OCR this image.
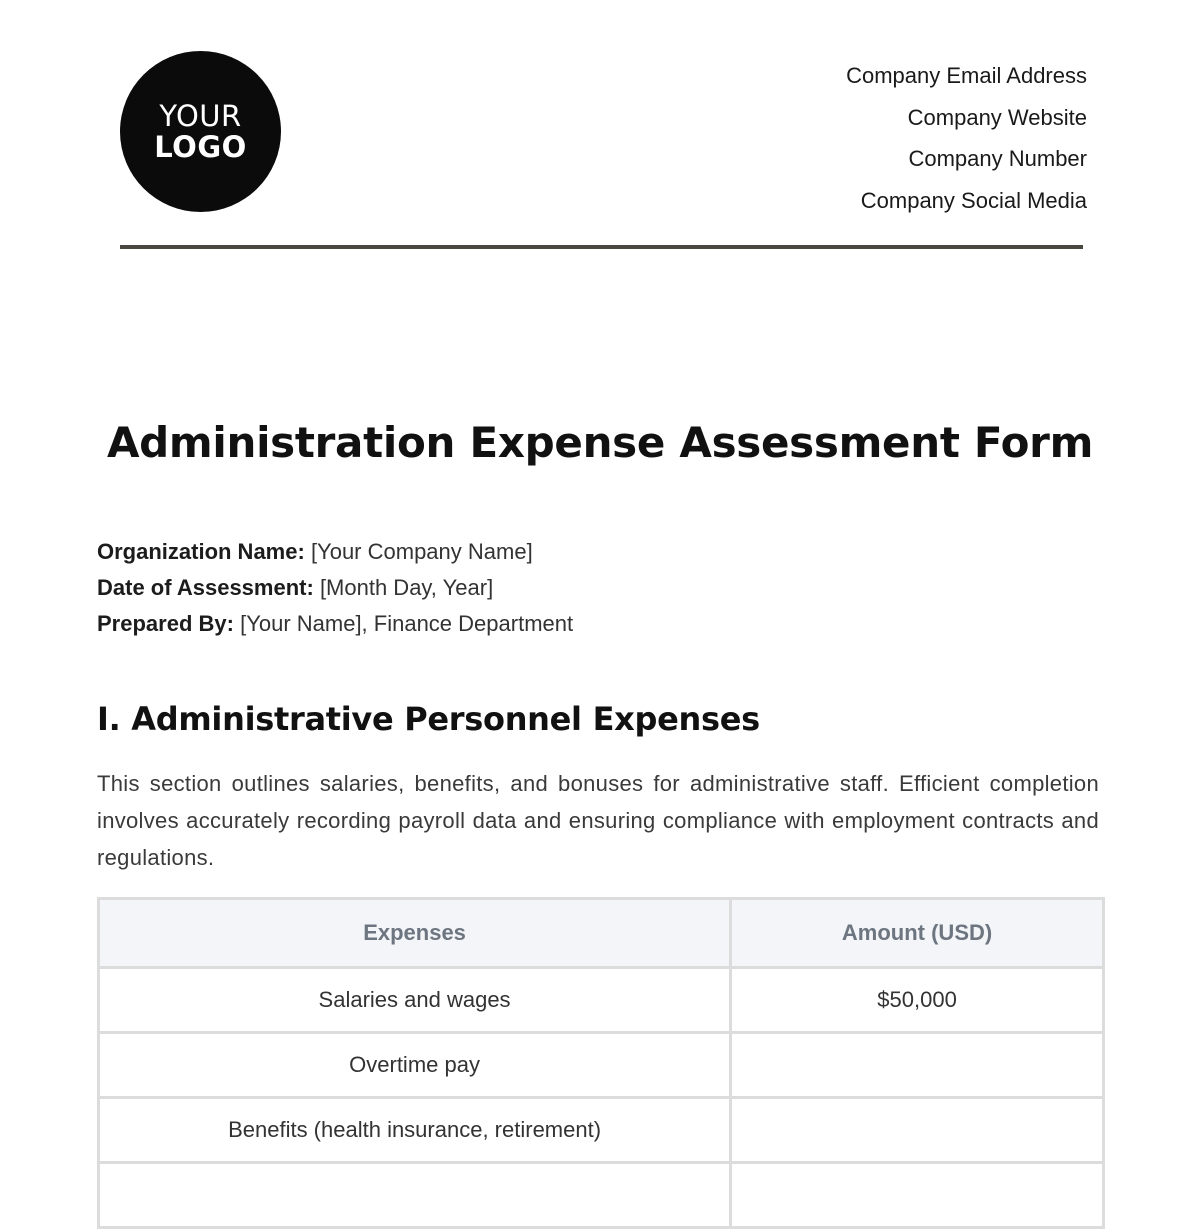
YOUR
LOGO
Company Email Address
Company Website
Company Number
Company Social Media
Administration Expense Assessment Form
Organization Name: [Your Company Name]
Date of Assessment: [Month Day, Year]
Prepared By: [Your Name], Finance Department
I. Administrative Personnel Expenses
This section outlines salaries, benefits, and bonuses for administrative staff. Efficient completion involves accurately recording payroll data and ensuring compliance with employment contracts and regulations.
Expenses	Amount (USD)
Salaries and wages	$50,000
Overtime pay	
Benefits (health insurance, retirement)	
